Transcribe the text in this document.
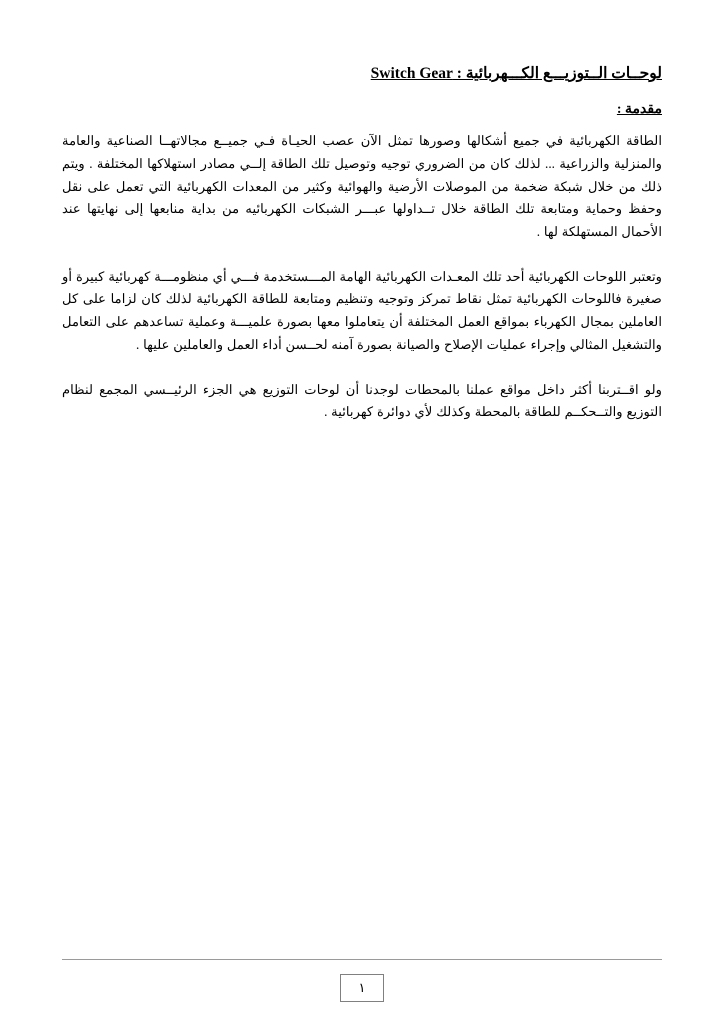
لوحــات الــتوزيـــع الكـــهربائية : Switch Gear
مقدمة :

الطاقة الكهربائية في جميع أشكالها وصورها تمثل الآن عصب الحيـاة فـي جميــع مجالاتهــا الصناعية والعامة والمنزلية والزراعية ... لذلك كان من الضروري توجيه وتوصيل تلك الطاقة إلــي مصادر استهلاكها المختلفة . ويتم ذلك من خلال شبكة ضخمة من الموصلات الأرضية والهوائية وكثير من المعدات الكهربائية التي تعمل على نقل وحفظ وحماية ومتابعة تلك الطاقة خلال تــداولها عبـــر الشبكات الكهربائيه من بداية منابعها إلى نهايتها عند الأحمال المستهلكة لها .

وتعتبر اللوحات الكهربائية أحد تلك المعـدات الكهربائية الهامة المـــستخدمة فـــي أي منظومـــة كهربائية كبيرة أو صغيرة فاللوحات الكهربائية تمثل نقاط تمركز وتوجيه وتنظيم ومتابعة للطاقة الكهربائية لذلك كان لزاما على كل العاملين بمجال الكهرباء بمواقع العمل المختلفة أن يتعاملوا معها بصورة علميـــة وعملية تساعدهم على التعامل والتشغيل المثالي وإجراء عمليات الإصلاح والصيانة بصورة آمنه لحــسن أداء العمل والعاملين عليها .

ولو اقــتربنا أكثر داخل مواقع عملنا بالمحطات لوجدنا أن لوحات التوزيع هي الجزء الرئيــسي المجمع لنظام التوزيع والتــحكــم للطاقة بالمحطة وكذلك لأي دوائرة كهربائية .

١
